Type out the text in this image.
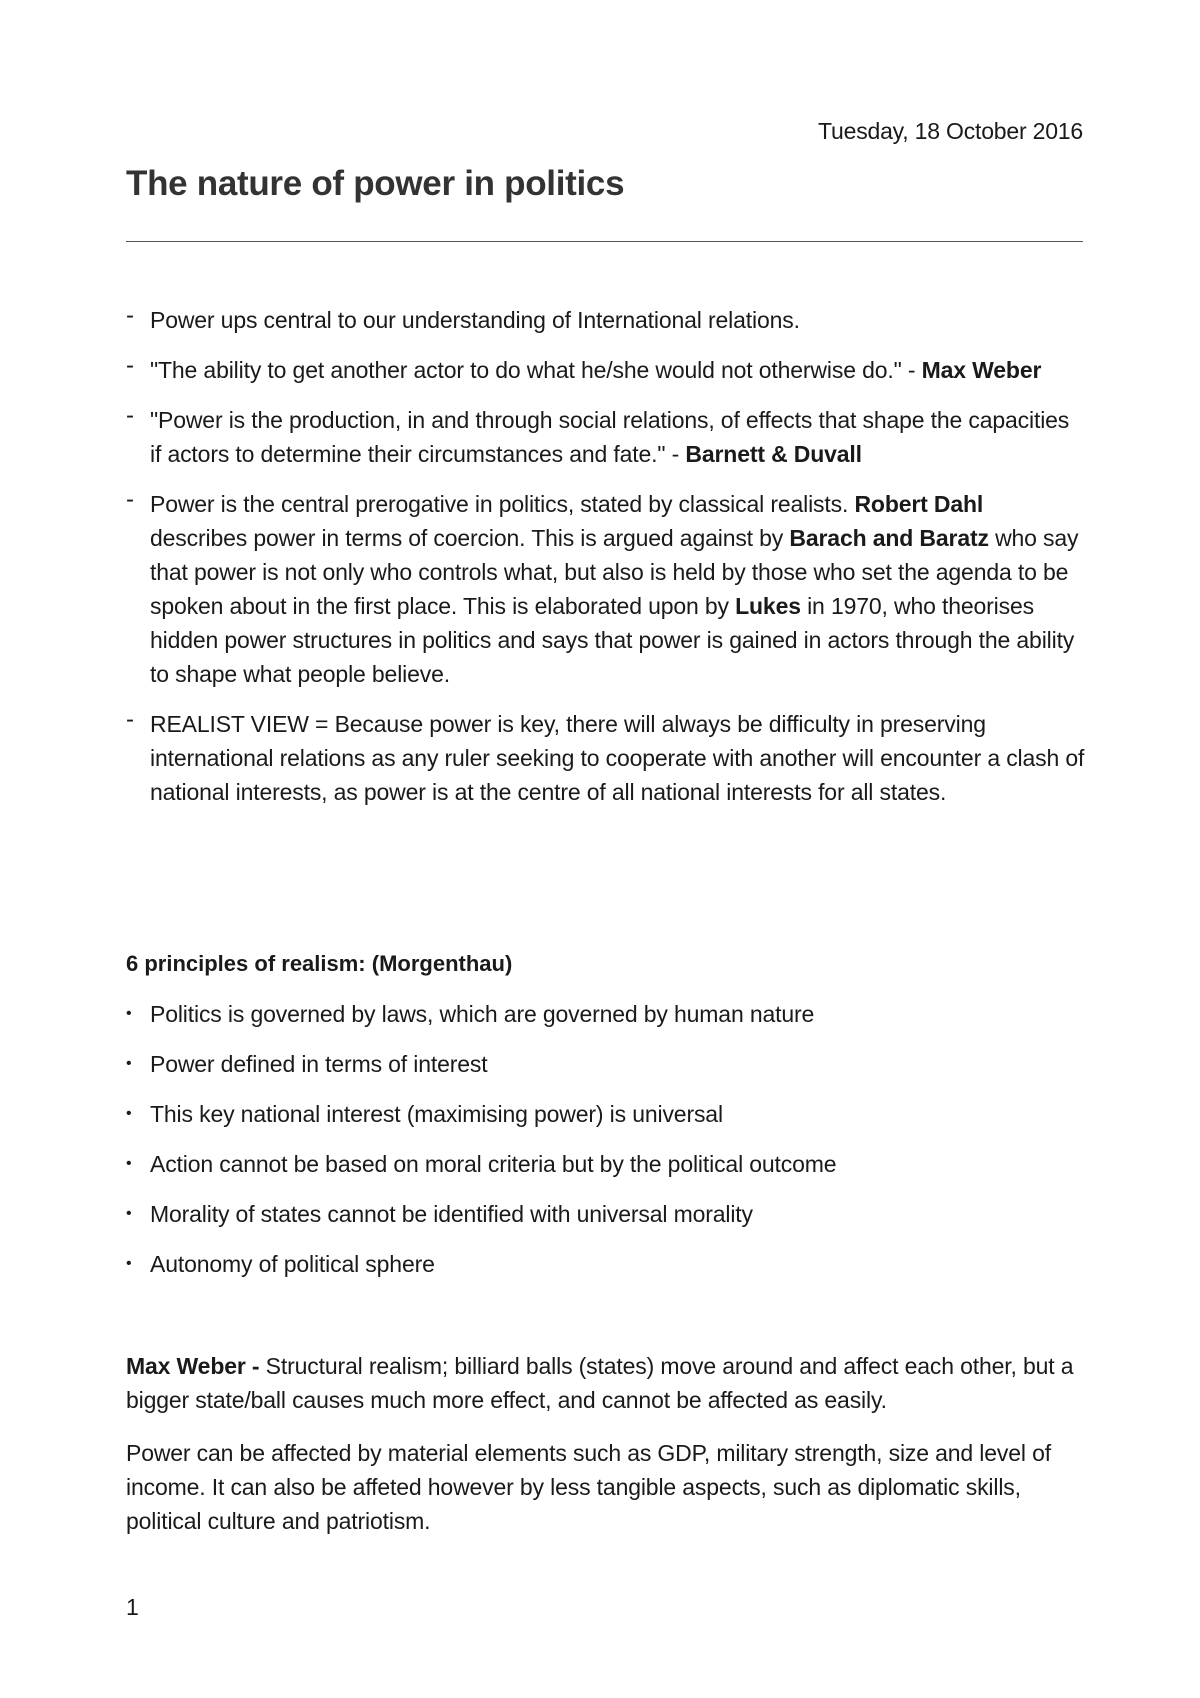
Tuesday, 18 October 2016
The nature of power in politics
- Power ups central to our understanding of International relations.
- "The ability to get another actor to do what he/she would not otherwise do." - Max Weber
- "Power is the production, in and through social relations, of effects that shape the capacities if actors to determine their circumstances and fate." - Barnett & Duvall
- Power is the central prerogative in politics, stated by classical realists. Robert Dahl describes power in terms of coercion. This is argued against by Barach and Baratz who say that power is not only who controls what, but also is held by those who set the agenda to be spoken about in the first place. This is elaborated upon by Lukes in 1970, who theorises hidden power structures in politics and says that power is gained in actors through the ability to shape what people believe.
- REALIST VIEW = Because power is key, there will always be difficulty in preserving international relations as any ruler seeking to cooperate with another will encounter a clash of national interests, as power is at the centre of all national interests for all states.
6 principles of realism: (Morgenthau)
• Politics is governed by laws, which are governed by human nature
• Power defined in terms of interest
• This key national interest (maximising power) is universal
• Action cannot be based on moral criteria but by the political outcome
• Morality of states cannot be identified with universal morality
• Autonomy of political sphere

Max Weber - Structural realism; billiard balls (states) move around and affect each other, but a bigger state/ball causes much more effect, and cannot be affected as easily.

Power can be affected by material elements such as GDP, military strength, size and level of income. It can also be affeted however by less tangible aspects, such as diplomatic skills, political culture and patriotism.

1
